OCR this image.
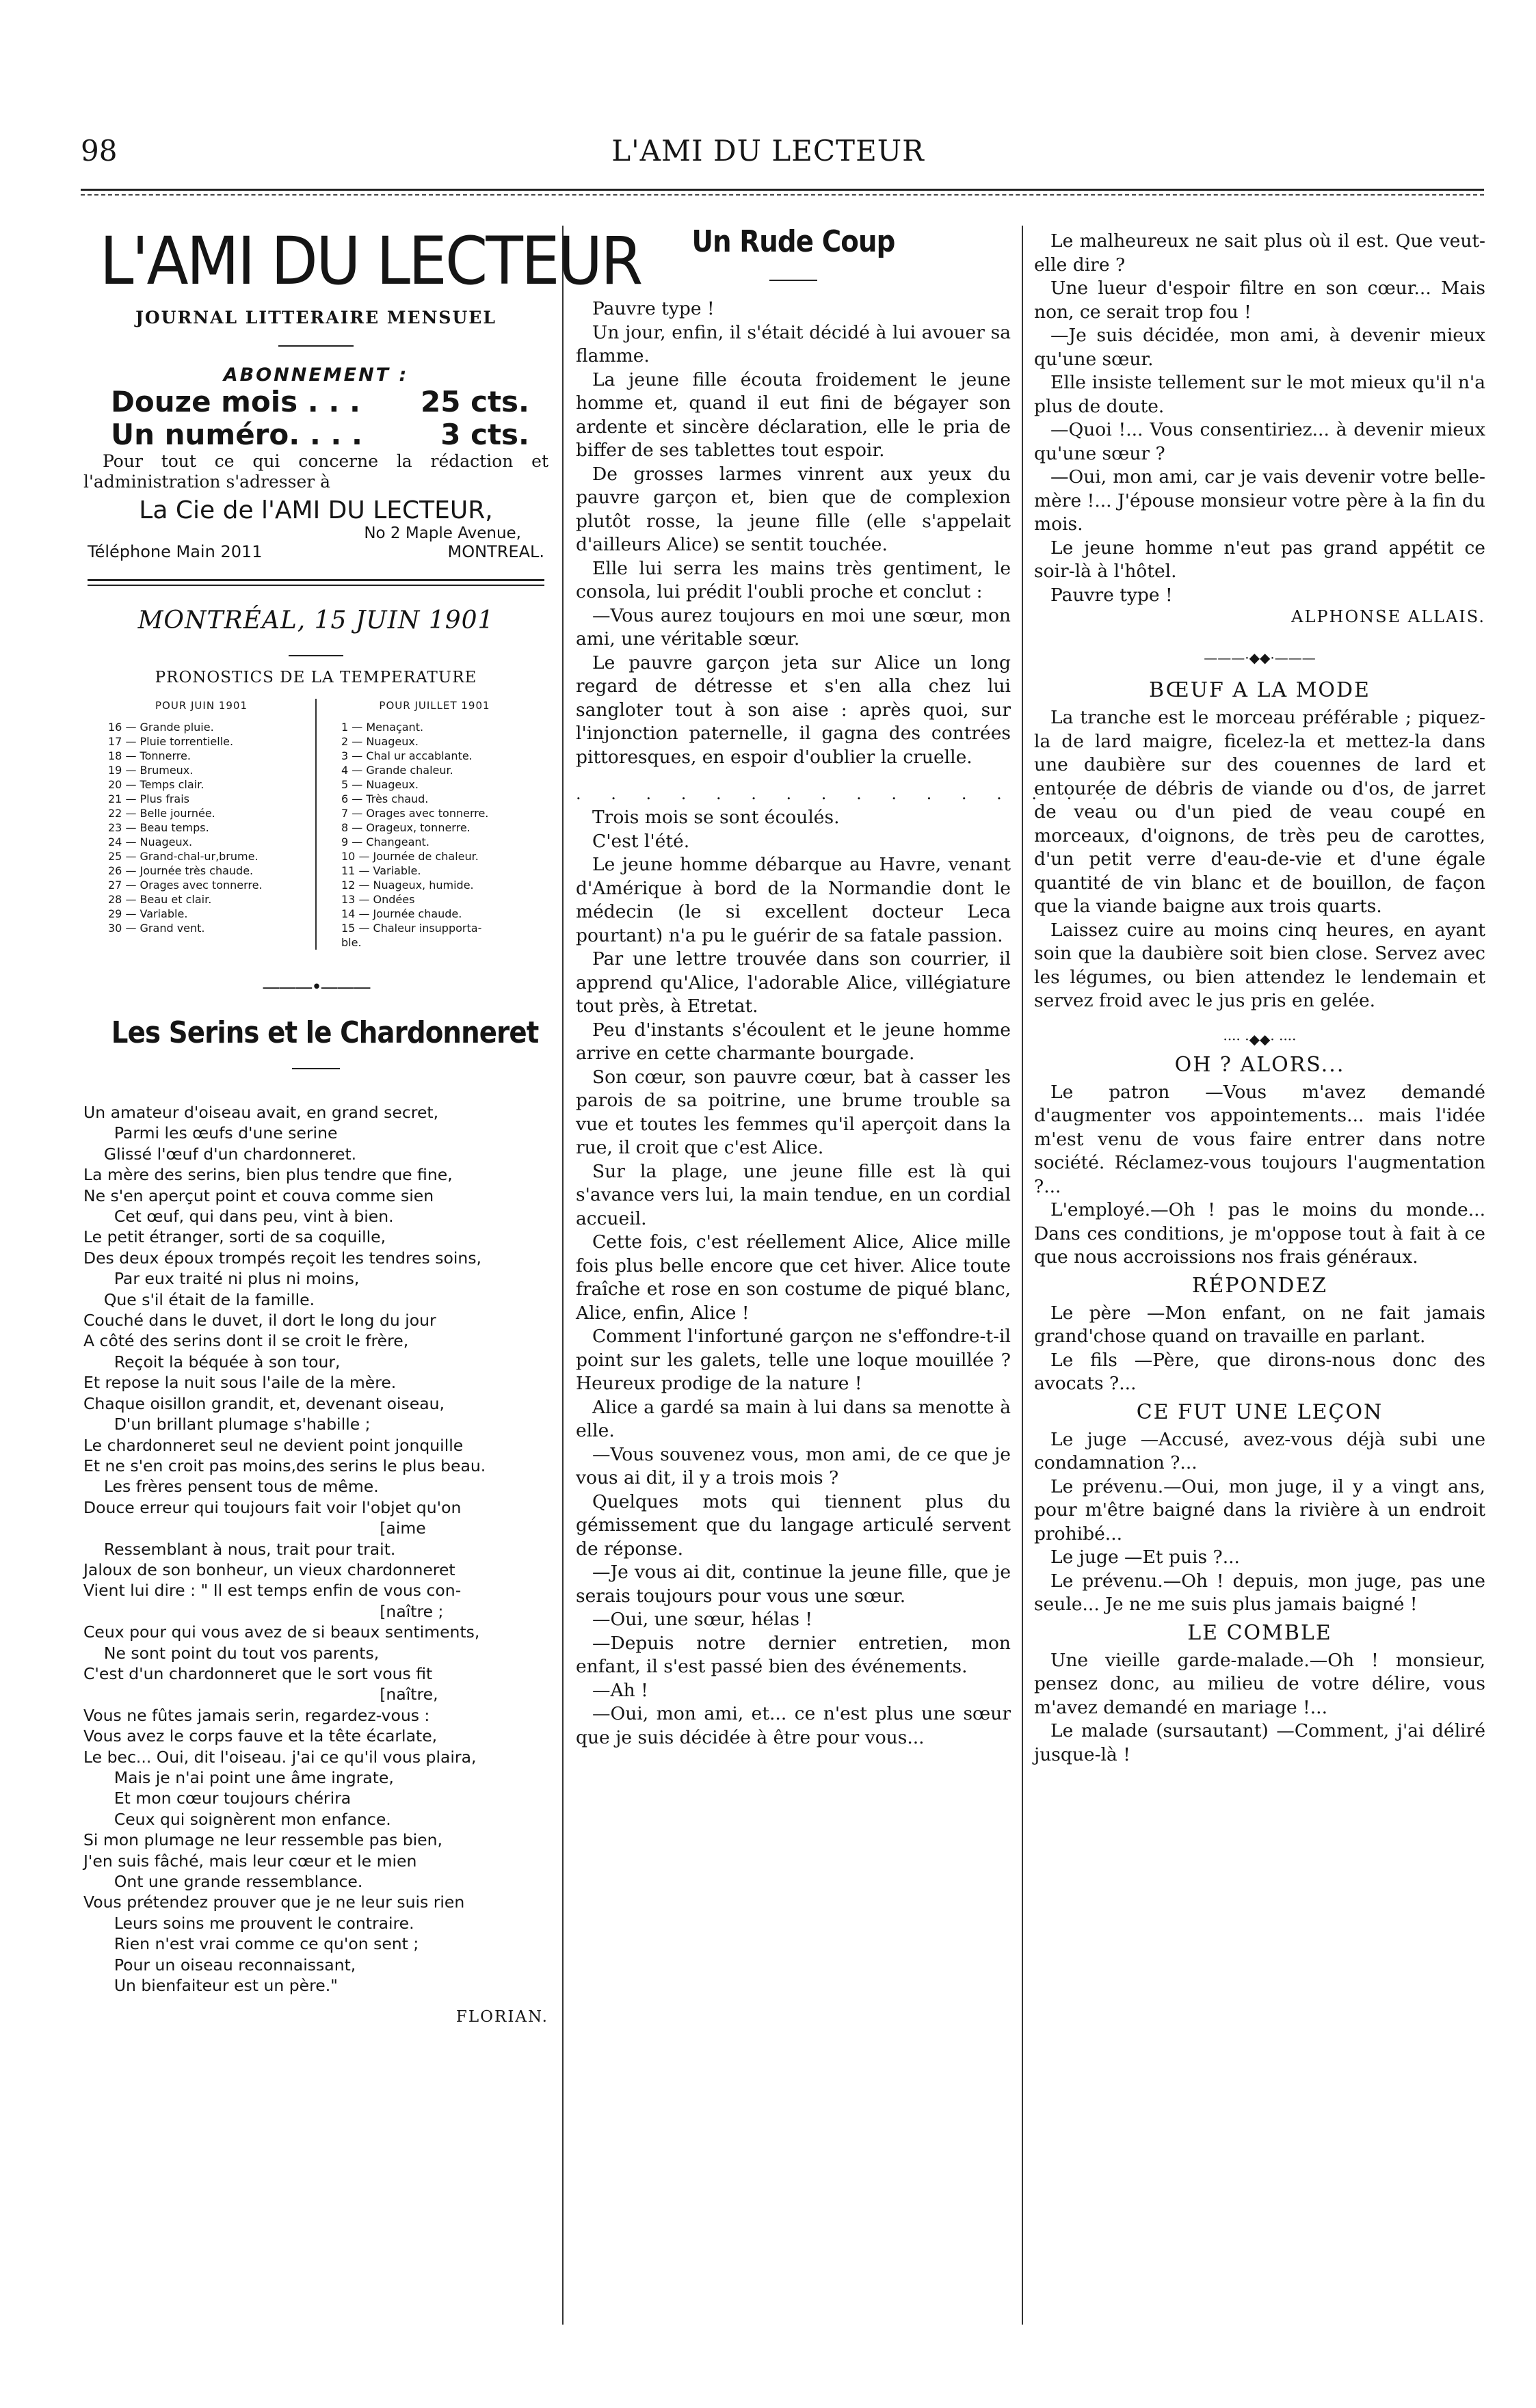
98	L'AMI DU LECTEUR
L'AMI DU LECTEUR
JOURNAL LITTERAIRE MENSUEL
ABONNEMENT :
Douze mois . . . 25 cts.
Un numéro. . . .	3 cts.
Pour tout ce qui concerne la rédaction et l'administration s'adresser à
La Cie de l'AMI DU LECTEUR,
No 2 Maple Avenue,
Téléphone Main 2011	MONTREAL.
MONTRÉAL, 15 JUIN 1901
PRONOSTICS DE LA TEMPERATURE
POUR JUIN 1901
16 — Grande pluie.
17 — Pluie torrentielle.
18 — Tonnerre.
19 — Brumeux.
20 — Temps clair.
21 — Plus frais
22 — Belle journée.
23 — Beau temps.
24 — Nuageux.
25 — Grand-chal-ur,brume.
26 — Journée très chaude.
27 — Orages avec tonnerre.
28 — Beau et clair.
29 — Variable.
30 — Grand vent.
POUR JUILLET 1901
1 — Menaçant.
2 — Nuageux.
3 — Chal ur accablante.
4 — Grande chaleur.
5 — Nuageux.
6 — Très chaud.
7 — Orages avec tonnerre.
8 — Orageux, tonnerre.
9 — Changeant.
10 — Journée de chaleur.
11 — Variable.
12 — Nuageux, humide.
13 — Ondées
14 — Journée chaude.
15 — Chaleur insupporta-
ble.
———•———
Les Serins et le Chardonneret
Un amateur d'oiseau avait, en grand secret,
Parmi les œufs d'une serine
Glissé l'œuf d'un chardonneret.
La mère des serins, bien plus tendre que fine,
Ne s'en aperçut point et couva comme sien
Cet œuf, qui dans peu, vint à bien.
Le petit étranger, sorti de sa coquille,
Des deux époux trompés reçoit les tendres soins,
Par eux traité ni plus ni moins,
Que s'il était de la famille.
Couché dans le duvet, il dort le long du jour
A côté des serins dont il se croit le frère,
Reçoit la béquée à son tour,
Et repose la nuit sous l'aile de la mère.
Chaque oisillon grandit, et, devenant oiseau,
D'un brillant plumage s'habille ;
Le chardonneret seul ne devient point jonquille
Et ne s'en croit pas moins,des serins le plus beau.
Les frères pensent tous de même.
Douce erreur qui toujours fait voir l'objet qu'on
[aime
Ressemblant à nous, trait pour trait.
Jaloux de son bonheur, un vieux chardonneret
Vient lui dire : " Il est temps enfin de vous con-
[naître ;
Ceux pour qui vous avez de si beaux sentiments,
Ne sont point du tout vos parents,
C'est d'un chardonneret que le sort vous fit
[naître,
Vous ne fûtes jamais serin, regardez-vous :
Vous avez le corps fauve et la tête écarlate,
Le bec... Oui, dit l'oiseau. j'ai ce qu'il vous plaira,
Mais je n'ai point une âme ingrate,
Et mon cœur toujours chérira
Ceux qui soignèrent mon enfance.
Si mon plumage ne leur ressemble pas bien,
J'en suis fâché, mais leur cœur et le mien
Ont une grande ressemblance.
Vous prétendez prouver que je ne leur suis rien
Leurs soins me prouvent le contraire.
Rien n'est vrai comme ce qu'on sent ;
Pour un oiseau reconnaissant,
Un bienfaiteur est un père."
FLORIAN.
Un Rude Coup

Pauvre type !

Un jour, enfin, il s'était décidé à lui avouer sa flamme.

La jeune fille écouta froidement le jeune homme et, quand il eut fini de bégayer son ardente et sincère déclaration, elle le pria de biffer de ses tablettes tout espoir.

De grosses larmes vinrent aux yeux du pauvre garçon et, bien que de complexion plutôt rosse, la jeune fille (elle s'appelait d'ailleurs Alice) se sentit touchée.

Elle lui serra les mains très gentiment, le consola, lui prédit l'oubli proche et conclut :

—Vous aurez toujours en moi une sœur, mon ami, une véritable sœur.

Le pauvre garçon jeta sur Alice un long regard de détresse et s'en alla chez lui sangloter tout à son aise : après quoi, sur l'injonction paternelle, il gagna des contrées pittoresques, en espoir d'oublier la cruelle.

. . . . . . . . . . . . . . . .

Trois mois se sont écoulés.

C'est l'été.

Le jeune homme débarque au Havre, venant d'Amérique à bord de la Normandie dont le médecin (le si excellent docteur Leca pourtant) n'a pu le guérir de sa fatale passion.

Par une lettre trouvée dans son courrier, il apprend qu'Alice, l'adorable Alice, villégiature tout près, à Etretat.

Peu d'instants s'écoulent et le jeune homme arrive en cette charmante bourgade.

Son cœur, son pauvre cœur, bat à casser les parois de sa poitrine, une brume trouble sa vue et toutes les femmes qu'il aperçoit dans la rue, il croit que c'est Alice.

Sur la plage, une jeune fille est là qui s'avance vers lui, la main tendue, en un cordial accueil.

Cette fois, c'est réellement Alice, Alice mille fois plus belle encore que cet hiver. Alice toute fraîche et rose en son costume de piqué blanc, Alice, enfin, Alice !

Comment l'infortuné garçon ne s'effondre-t-il point sur les galets, telle une loque mouillée ? Heureux prodige de la nature !

Alice a gardé sa main à lui dans sa menotte à elle.

—Vous souvenez vous, mon ami, de ce que je vous ai dit, il y a trois mois ?

Quelques mots qui tiennent plus du gémissement que du langage articulé servent de réponse.

—Je vous ai dit, continue la jeune fille, que je serais toujours pour vous une sœur.

—Oui, une sœur, hélas !

—Depuis notre dernier entretien, mon enfant, il s'est passé bien des événements.

—Ah !

—Oui, mon ami, et... ce n'est plus une sœur que je suis décidée à être pour vous...

Le malheureux ne sait plus où il est. Que veut-elle dire ?

Une lueur d'espoir filtre en son cœur... Mais non, ce serait trop fou !

—Je suis décidée, mon ami, à devenir mieux qu'une sœur.

Elle insiste tellement sur le mot mieux qu'il n'a plus de doute.

—Quoi !... Vous consentiriez... à devenir mieux qu'une sœur ?

—Oui, mon ami, car je vais devenir votre belle-mère !... J'épouse monsieur votre père à la fin du mois.

Le jeune homme n'eut pas grand appétit ce soir-là à l'hôtel.

Pauvre type !

ALPHONSE ALLAIS.
———·◆◆·———
BŒUF A LA MODE

La tranche est le morceau préférable ; piquez-la de lard maigre, ficelez-la et mettez-la dans une daubière sur des couennes de lard et entourée de débris de viande ou d'os, de jarret de veau ou d'un pied de veau coupé en morceaux, d'oignons, de très peu de carottes, d'un petit verre d'eau-de-vie et d'une égale quantité de vin blanc et de bouillon, de façon que la viande baigne aux trois quarts.

Laissez cuire au moins cinq heures, en ayant soin que la daubière soit bien close. Servez avec les légumes, ou bien attendez le lendemain et servez froid avec le jus pris en gelée.

···· ·◆◆· ····
OH ? ALORS...

Le patron —Vous m'avez demandé d'augmenter vos appointements... mais l'idée m'est venu de vous faire entrer dans notre société. Réclamez-vous toujours l'augmentation ?...

L'employé.—Oh ! pas le moins du monde... Dans ces conditions, je m'oppose tout à fait à ce que nous accroissions nos frais généraux.

RÉPONDEZ

Le père —Mon enfant, on ne fait jamais grand'chose quand on travaille en parlant.

Le fils —Père, que dirons-nous donc des avocats ?...

CE FUT UNE LEÇON

Le juge —Accusé, avez-vous déjà subi une condamnation ?...

Le prévenu.—Oui, mon juge, il y a vingt ans, pour m'être baigné dans la rivière à un endroit prohibé...

Le juge —Et puis ?...

Le prévenu.—Oh ! depuis, mon juge, pas une seule... Je ne me suis plus jamais baigné !

LE COMBLE

Une vieille garde-malade.—Oh ! monsieur, pensez donc, au milieu de votre délire, vous m'avez demandé en mariage !...

Le malade (sursautant) —Comment, j'ai déliré jusque-là !
